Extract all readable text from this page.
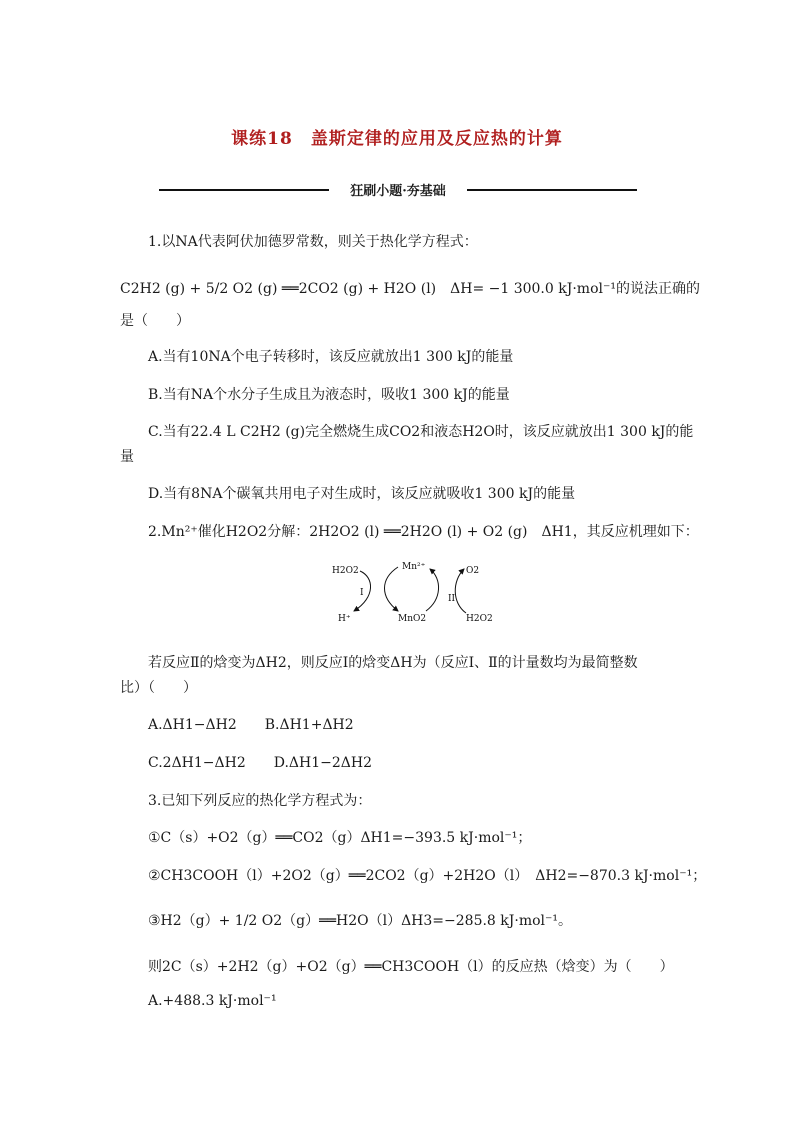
课练18　盖斯定律的应用及反应热的计算
狂刷小题·夯基础
1.以NA代表阿伏加德罗常数，则关于热化学方程式：
C2H2 (g) + 5/2 O2 (g) ══2CO2 (g) + H2O (l)　ΔH= −1 300.0 kJ·mol⁻¹的说法正确的
是（　　）
A.当有10NA个电子转移时，该反应就放出1 300 kJ的能量
B.当有NA个水分子生成且为液态时，吸收1 300 kJ的能量
C.当有22.4 L C2H2 (g)完全燃烧生成CO2和液态H2O时，该反应就放出1 300 kJ的能
量
D.当有8NA个碳氧共用电子对生成时，该反应就吸收1 300 kJ的能量
2.Mn²⁺催化H2O2分解：2H2O2 (l) ══2H2O (l) + O2 (g)　ΔH1，其反应机理如下：
H2O2	Mn²⁺	O2
I
II
H⁺	MnO2	H2O2
若反应Ⅱ的焓变为ΔH2，则反应Ⅰ的焓变ΔH为（反应Ⅰ、Ⅱ的计量数均为最简整数
比）（　　）
A.ΔH1−ΔH2　　B.ΔH1+ΔH2
C.2ΔH1−ΔH2　　D.ΔH1−2ΔH2
3.已知下列反应的热化学方程式为：
①C（s）+O2（g）══CO2（g）ΔH1=−393.5 kJ·mol⁻¹；
②CH3COOH（l）+2O2（g）══2CO2（g）+2H2O（l）　ΔH2=−870.3 kJ·mol⁻¹；
③H2（g）+ 1/2 O2（g）══H2O（l）ΔH3=−285.8 kJ·mol⁻¹。
则2C（s）+2H2（g）+O2（g）══CH3COOH（l）的反应热（焓变）为（　　）
A.+488.3 kJ·mol⁻¹
